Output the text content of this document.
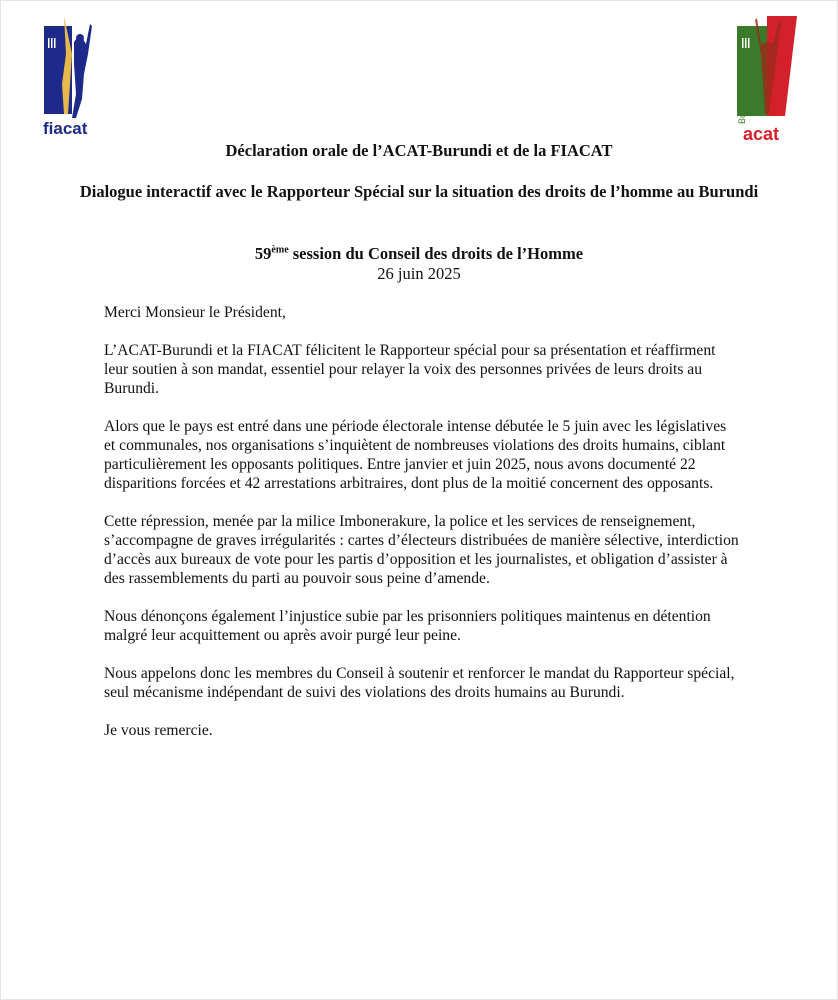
fiacat
Burundi
acat
Déclaration orale de l’ACAT-Burundi et de la FIACAT
Dialogue interactif avec le Rapporteur Spécial sur la situation des droits de l’homme au Burundi
59ème session du Conseil des droits de l’Homme
26 juin 2025

Merci Monsieur le Président,

L’ACAT-Burundi et la FIACAT félicitent le Rapporteur spécial pour sa présentation et réaffirment leur soutien à son mandat, essentiel pour relayer la voix des personnes privées de leurs droits au Burundi.

Alors que le pays est entré dans une période électorale intense débutée le 5 juin avec les législatives et communales, nos organisations s’inquiètent de nombreuses violations des droits humains, ciblant particulièrement les opposants politiques. Entre janvier et juin 2025, nous avons documenté 22 disparitions forcées et 42 arrestations arbitraires, dont plus de la moitié concernent des opposants.

Cette répression, menée par la milice Imbonerakure, la police et les services de renseignement, s’accompagne de graves irrégularités : cartes d’électeurs distribuées de manière sélective, interdiction d’accès aux bureaux de vote pour les partis d’opposition et les journalistes, et obligation d’assister à des rassemblements du parti au pouvoir sous peine d’amende.

Nous dénonçons également l’injustice subie par les prisonniers politiques maintenus en détention malgré leur acquittement ou après avoir purgé leur peine.

Nous appelons donc les membres du Conseil à soutenir et renforcer le mandat du Rapporteur spécial, seul mécanisme indépendant de suivi des violations des droits humains au Burundi.

Je vous remercie.
